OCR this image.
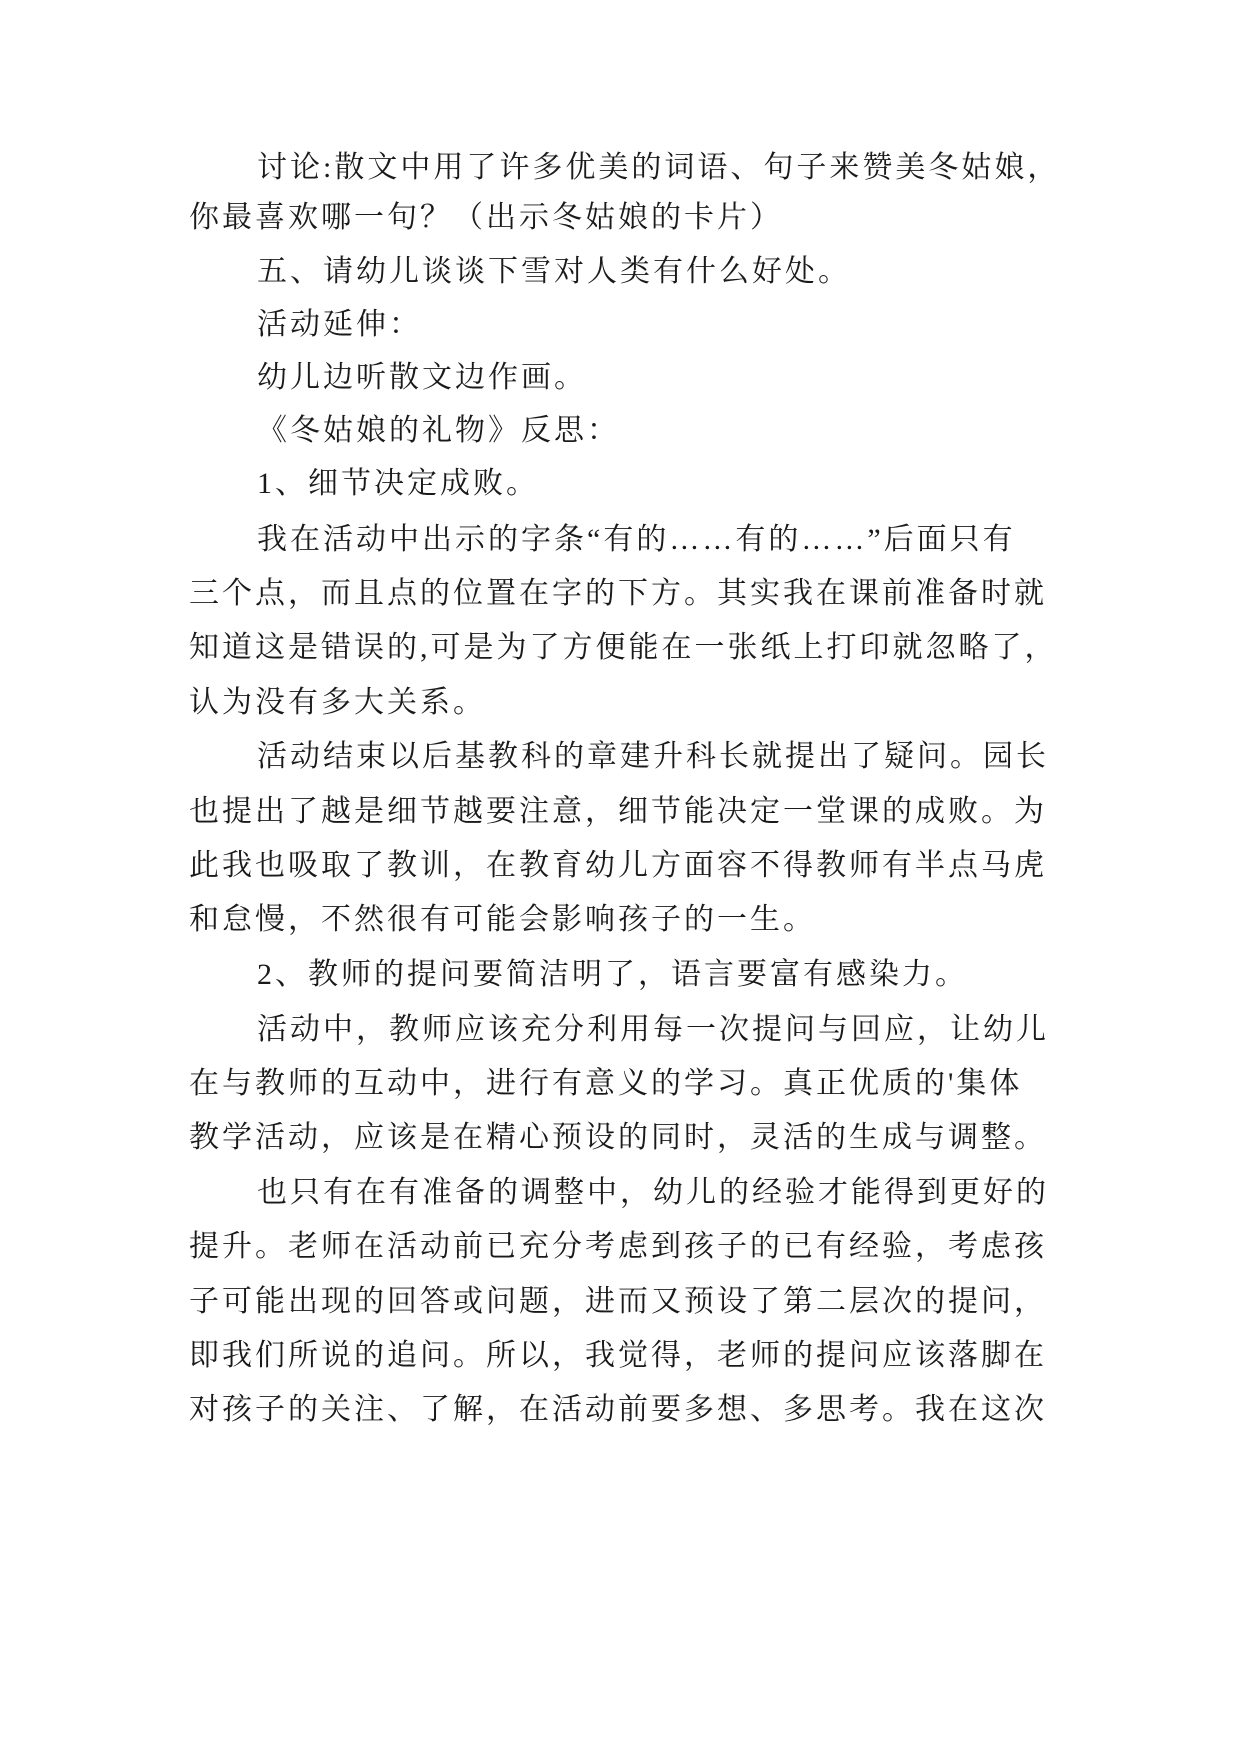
讨论:散文中用了许多优美的词语、句子来赞美冬姑娘，
你最喜欢哪一句？（出示冬姑娘的卡片）
五、请幼儿谈谈下雪对人类有什么好处。
活动延伸：
幼儿边听散文边作画。
《冬姑娘的礼物》反思：
1、细节决定成败。
我在活动中出示的字条“有的……有的……”后面只有
三个点，而且点的位置在字的下方。其实我在课前准备时就
知道这是错误的,可是为了方便能在一张纸上打印就忽略了，
认为没有多大关系。
活动结束以后基教科的章建升科长就提出了疑问。园长
也提出了越是细节越要注意，细节能决定一堂课的成败。为
此我也吸取了教训，在教育幼儿方面容不得教师有半点马虎
和怠慢，不然很有可能会影响孩子的一生。
2、教师的提问要简洁明了，语言要富有感染力。
活动中，教师应该充分利用每一次提问与回应，让幼儿
在与教师的互动中，进行有意义的学习。真正优质的'集体
教学活动，应该是在精心预设的同时，灵活的生成与调整。
也只有在有准备的调整中，幼儿的经验才能得到更好的
提升。老师在活动前已充分考虑到孩子的已有经验，考虑孩
子可能出现的回答或问题，进而又预设了第二层次的提问，
即我们所说的追问。所以，我觉得，老师的提问应该落脚在
对孩子的关注、了解，在活动前要多想、多思考。我在这次
